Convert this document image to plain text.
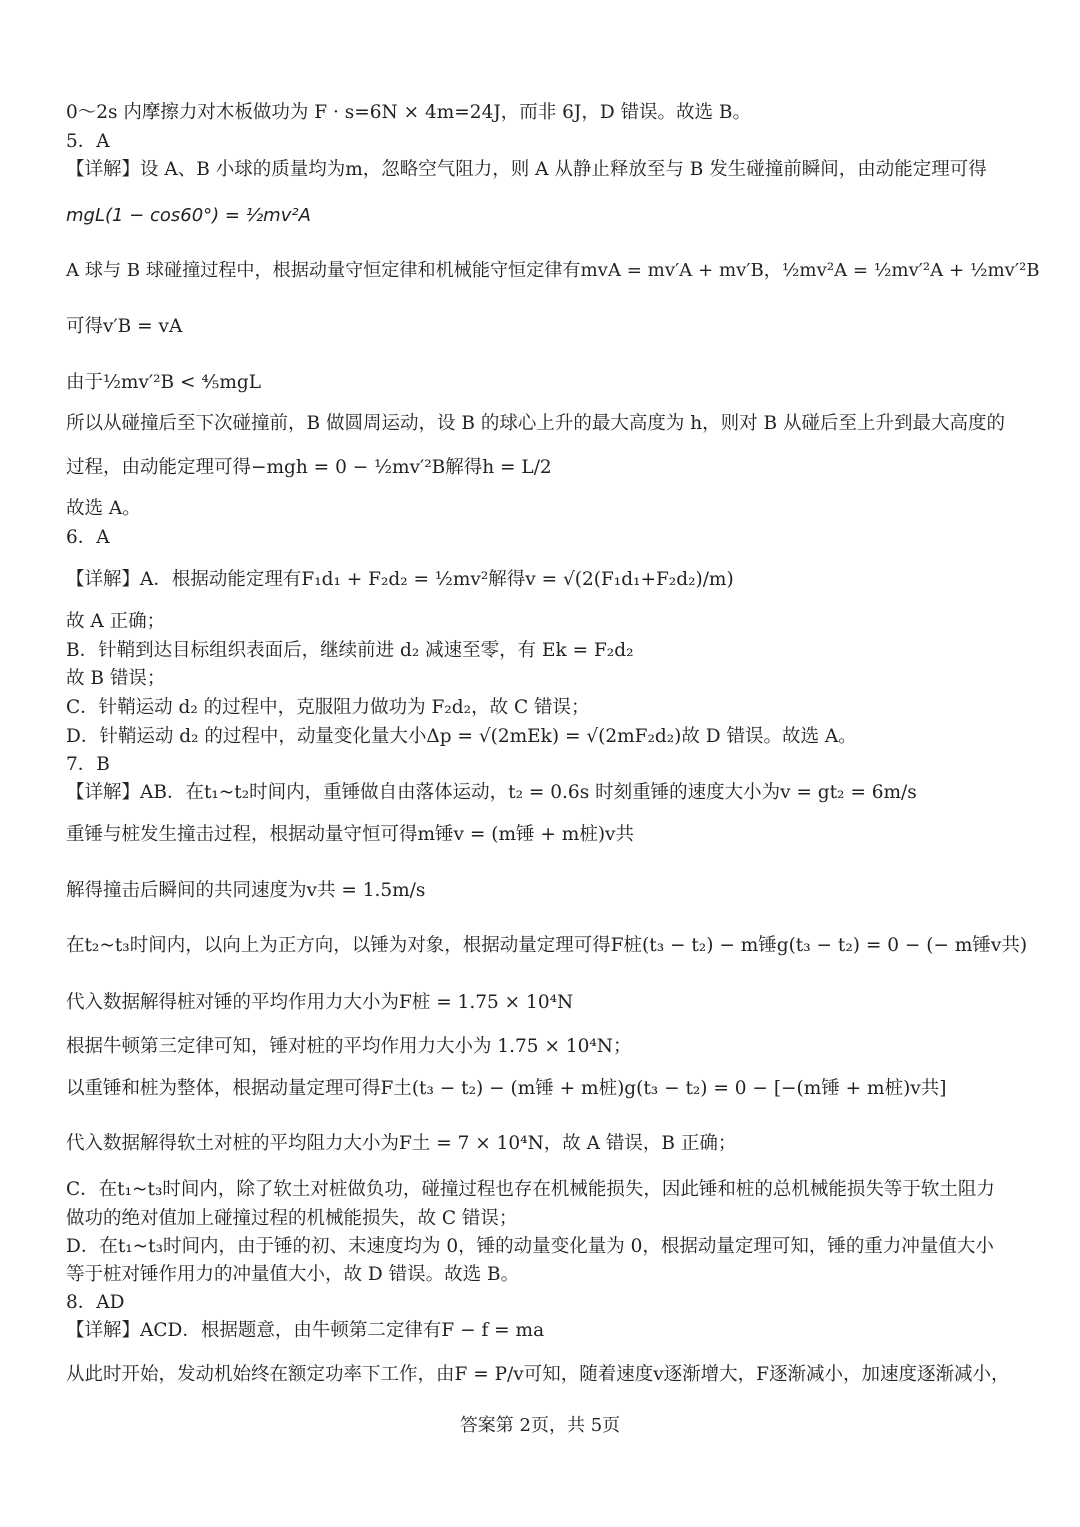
0～2s 内摩擦力对木板做功为 F · s=6N × 4m=24J，而非 6J，D 错误。故选 B。
5．A
【详解】设 A、B 小球的质量均为m，忽略空气阻力，则 A 从静止释放至与 B 发生碰撞前瞬间，由动能定理可得
mgL(1 − cos60°) = ½mv²A
A 球与 B 球碰撞过程中，根据动量守恒定律和机械能守恒定律有mvA = mv′A + mv′B，½mv²A = ½mv′²A + ½mv′²B
可得v′B = vA
由于½mv′²B < ⅘mgL
所以从碰撞后至下次碰撞前，B 做圆周运动，设 B 的球心上升的最大高度为 h，则对 B 从碰后至上升到最大高度的
过程，由动能定理可得−mgh = 0 − ½mv′²B解得h = L/2
故选 A。
6．A
【详解】A．根据动能定理有F₁d₁ + F₂d₂ = ½mv²解得v = √(2(F₁d₁+F₂d₂)/m)
故 A 正确；
B．针鞘到达目标组织表面后，继续前进 d₂ 减速至零，有 Ek = F₂d₂
故 B 错误；
C．针鞘运动 d₂ 的过程中，克服阻力做功为 F₂d₂，故 C 错误；
D．针鞘运动 d₂ 的过程中，动量变化量大小Δp = √(2mEk) = √(2mF₂d₂)故 D 错误。故选 A。
7．B
【详解】AB．在t₁~t₂时间内，重锤做自由落体运动，t₂ = 0.6s 时刻重锤的速度大小为v = gt₂ = 6m/s
重锤与桩发生撞击过程，根据动量守恒可得m锤v = (m锤 + m桩)v共
解得撞击后瞬间的共同速度为v共 = 1.5m/s
在t₂~t₃时间内，以向上为正方向，以锤为对象，根据动量定理可得F桩(t₃ − t₂) − m锤g(t₃ − t₂) = 0 − (− m锤v共)
代入数据解得桩对锤的平均作用力大小为F桩 = 1.75 × 10⁴N
根据牛顿第三定律可知，锤对桩的平均作用力大小为 1.75 × 10⁴N；
以重锤和桩为整体，根据动量定理可得F土(t₃ − t₂) − (m锤 + m桩)g(t₃ − t₂) = 0 − [−(m锤 + m桩)v共]
代入数据解得软土对桩的平均阻力大小为F土 = 7 × 10⁴N，故 A 错误，B 正确；
C．在t₁~t₃时间内，除了软土对桩做负功，碰撞过程也存在机械能损失，因此锤和桩的总机械能损失等于软土阻力
做功的绝对值加上碰撞过程的机械能损失，故 C 错误；
D．在t₁~t₃时间内，由于锤的初、末速度均为 0，锤的动量变化量为 0，根据动量定理可知，锤的重力冲量值大小
等于桩对锤作用力的冲量值大小，故 D 错误。故选 B。
8．AD
【详解】ACD．根据题意，由牛顿第二定律有F − f = ma
从此时开始，发动机始终在额定功率下工作，由F = P/v可知，随着速度v逐渐增大，F逐渐减小，加速度逐渐减小，
答案第 2页，共 5页
